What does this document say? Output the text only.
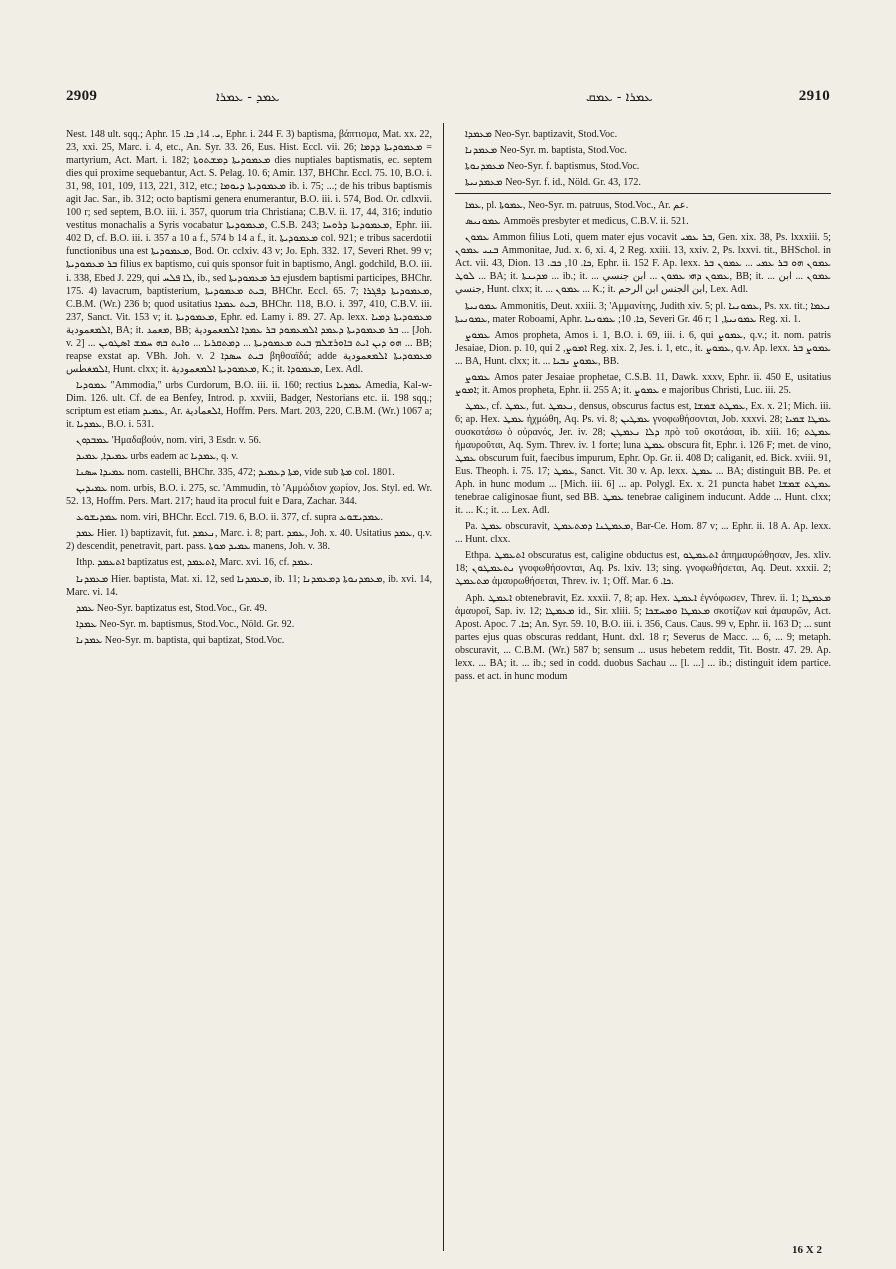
2909	ܥܡܕ - ܥܡܪܐ	ܥܡܪܐ - ܥܡܩ	2910

Nest. 148 ult. sqq.; Aphr. ܝ. 14, ܟܐ. 15, Ephr. i. 244 F. 3) baptisma, βάπτισμα, Mat. xx. 22, 23, xxi. 25, Marc. i. 4, etc., An. Syr. 33. 26, Eus. Hist. Eccl. vii. 26; ܡܥܡܘܕܝܬܐ ܕܕܡܐ = martyrium, Act. Mart. i. 182; ܡܥܡܘܕܝܬܐ ܕܡܫܬܘܬܐ dies nuptiales baptismatis, ec. septem dies qui proxime sequebantur, Act. S. Pelag. 10. 6; Amir. 137, BHChr. Eccl. 75. 10, B.O. i. 31, 98, 101, 109, 113, 221, 312, etc.; ܡܥܡܘܕܝܬܐ ܕܝܘܡܐ ib. i. 75; ...; de his tribus baptismis agit Jac. Sar., ib. 312; octo baptismi genera enumerantur, B.O. iii. i. 574, Bod. Or. cdlxvii. 100 r; sed septem, B.O. iii. i. 357, quorum tria Christiana; C.B.V. ii. 17, 44, 316; indutio vestitus monachalis a Syris vocabatur ܡܥܡܘܕܝܬܐ, C.S.B. 243; ܡܥܡܘܕܝܬܐ ܕܪܘܚܐ, Ephr. iii. 402 D, cf. B.O. iii. i. 357 a 10 a f., 574 b 14 a f., it. ܡܥܡܘܕܝܬܐ col. 921; e tribus sacerdotii functionibus una est ܡܥܡܘܕܝܬܐ, Bod. Or. cclxiv. 43 v; Jo. Eph. 332. 17, Severi Rhet. 99 v; ܒܪ ܡܥܡܘܕܝܬܐ filius ex baptismo, cui quis sponsor fuit in baptismo, Angl. godchild, B.O. iii. i. 338, Ebed J. 229, qui ܠܐ ܦܠܚ, ib., sed ܒܪ ܡܥܡܘܕܝܬܐ ejusdem baptismi participes, BHChr. 175. 4) lavacrum, baptisterium, ܒܝܬ ܡܥܡܘܕܝܬܐ, BHChr. Eccl. 65. 7; ܡܥܡܘܕܝܬܐ ܕܦܓܪܐ, C.B.M. (Wr.) 236 b; quod usitatius ܒܝܬ ܥܡܕܐ, BHChr. 118, B.O. i. 397, 410, C.B.V. iii. 237, Sanct. Vit. 153 v; it. ܡܥܡܘܕܝܬܐ, Ephr. ed. Lamy i. 89. 27. Ap. lexx. ܡܥܡܘܕܝܬܐ ܕܡܝܐ ܐܠܡعمودية, BA; it. ܡعمد, BB; ܒܪ ܡܥܡܘܕܝܬܐ ܕܥܡܕ ܐܠܡܥܡܘܕ ܒܪ ܥܡܕܐ ܐܠܡعمودية ... [Joh. v. 2] ... ܗܘ ܕܝܢ ܐܝܬ ܒܐܘܪܫܠܡ ܒܝܬ ܡܥܡܘܕܝܬܐ ... ܕܡܬܩܪܝܐ ... ܘܐܝܬ ܒܗ ܚܡܫ ܐܣܛܘܝܢ ... BB; reapse exstat ap. VBh. Joh. v. 2 ܒܝܬ ܚܣܕܐ βηθσαϊδά; adde ܡܥܡܘܕܝܬܐ ܐܠܡعمودية ܐܠܡغطس, Hunt. clxx; it. ܡܥܡܘܕܝܬܐ ܐܠܡعمودية, K.; it. ܡܥܡܘܕܐ, Lex. Adl.

ܥܡܘܕܝܐ "Ammodia," urbs Curdorum, B.O. iii. ii. 160; rectius ܥܡܕܝܐ Amedia, Kal-w-Dim. 126. ult. Cf. de ea Benfey, Introd. p. xxviii, Badger, Nestorians etc. ii. 198 sqq.; scriptum est etiam ܥܡܝܕ, Ar. ܐܠعمادية, Hoffm. Pers. Mart. 203, 220, C.B.M. (Wr.) 1067 a; it. ܥܡܕܝܐ, B.O. i. 531.

ܥܡܒܕܘܢ 'Ημαδαβούν, nom. viri, 3 Esdr. v. 56.

ܥܡܝܕܐ, ܥܡܝܕ urbs eadem ac ܥܡܕܝܐ, q. v.

ܥܡܝܕܐ ܚܣܢܐ nom. castelli, BHChr. 335, 472; ܡܬܐ ܕܥܡܝܕ, vide sub ܡܬܐ col. 1801.

ܥܡܝܕܝܢ nom. urbis, B.O. i. 275, sc. 'Ammudin, τὸ 'Αμμώδιον χωρίον, Jos. Styl. ed. Wr. 52. 13, Hoffm. Pers. Mart. 217; haud ita procul fuit e Dara, Zachar. 344.

ܥܡܕܝܫܘܥ nom. viri, BHChr. Eccl. 719. 6, B.O. ii. 377, cf. supra ܥܡܕܝܫܘܥ.

ܥܡܕ Hier. 1) baptizavit, fut. ܢܥܡܕ, Marc. i. 8; part. ܥܡܕ, Joh. x. 40. Usitatius ܥܡܕ, q.v. 2) descendit, penetravit, part. pass. ܥܡܝܕ ܡܘܬܐ manens, Joh. v. 38.

Ithp. ܐܬܥܡܕ baptizatus est, ܐܬܥܡܕ, Marc. xvi. 16, cf. ܥܡܕ.

ܡܥܡܕܢܐ Hier. baptista, Mat. xi. 12, sed ܡܥܡܕܢܐ, ib. 11; ܡܥܡܕܢܘܬܐ ܕܡܥܡܕܢܐ, ib. xvi. 14, Marc. vi. 14.

ܥܡܕ Neo-Syr. baptizatus est, Stod.Voc., Gr. 49.

ܥܡܕܐ Neo-Syr. m. baptismus, Stod.Voc., Nöld. Gr. 92.

ܥܡܕܢܐ Neo-Syr. m. baptista, qui baptizat, Stod.Voc.

ܡܥܡܕܐ Neo-Syr. baptizavit, Stod.Voc.

ܡܥܡܕܢܐ Neo-Syr. m. baptista, Stod.Voc.

ܡܥܡܕܢܘܬܐ Neo-Syr. f. baptismus, Stod.Voc.

ܡܥܡܕܢܝܬܐ Neo-Syr. f. id., Nöld. Gr. 43, 172.

ܥܡܐ, pl. ܥܡܘܬܐ, Neo-Syr. m. patruus, Stod.Voc., Ar. عم.

ܥܡܘܢܝܣ Ammoës presbyter et medicus, C.B.V. ii. 521.

ܥܡܘܢ Ammon filius Loti, quem mater ejus vocavit ܒܪ ܥܡܝ, Gen. xix. 38, Ps. lxxxiii. 5; ܒܢܝ ܥܡܘܢ Ammonitae, Jud. x. 6, xi. 4, 2 Reg. xxiii. 13, xxiv. 2, Ps. lxxvi. tit., BHSchol. in Act. vii. 43, Dion. ܟܐ. 10, ܟܒ. 13, Ephr. ii. 152 F. Ap. lexx. ܥܡܘܢ ܗܘ ܒܪ ܥܡܝ ... ܥܡܘܢ ܒܪ ܠܘܛ ... BA; it. ܡܕܝܢܬܐ ... ib.; it. ... ܥܡܘܢ ܕܗܝ ܥܡܘܢ ... ابن جنسي, BB; it. ... ܥܡܘܢ ... ابن جنسي, Hunt. clxx; it. ... ܥܡܘܢ ... K.; it. ابن الجنس ابن الرحم, Lex. Adl.

ܥܡܘܢܝܬܐ Ammonitis, Deut. xxiii. 3; 'Αμμανίτης, Judith xiv. 5; pl. ܥܡܘܢܝܐ, Ps. xx. tit.; ܢܥܡܐ ܥܡܘܢܝܬܐ, mater Roboami, Aphr. ܟܐ. 10; ܥܡܘܢܝܐ, Severi Gr. 46 r; ܥܡܘܢܝܬܐ, 1 Reg. xi. 1.

ܥܡܘܨ Amos propheta, Amos i. 1, B.O. i. 69, iii. i. 6, qui ܥܡܘܨ, q.v.; it. nom. patris Jesaiae, Dion. p. 10, qui ܐܡܘܨ, 2 Reg. xix. 2, Jes. i. 1, etc., it. ܥܡܘܨ, q.v. Ap. lexx. ܥܡܘܨ ܒܪ ... BA, Hunt. clxx; it. ... ܥܡܘܨ ܢܒܝܐ, BB.

ܥܡܘܨ Amos pater Jesaiae prophetae, C.S.B. 11, Dawk. xxxv, Ephr. ii. 450 E, usitatius ܐܡܘܨ; it. Amos propheta, Ephr. ii. 255 A; it. ܥܡܘܨ e majoribus Christi, Luc. iii. 25.

ܥܡܛ, cf. ܥܡܛ, fut. ܢܥܡܛ, densus, obscurus factus est, ܥܡܛܬ ܫܡܫܐ, Ex. x. 21; Mich. iii. 6; ap. Hex. ܥܡܛ ἠχμώθη, Aq. Ps. vi. 8; ܥܡܛܝܢ γνοφωθήσονται, Job. xxxvi. 28; ܥܡܛܐ ܫܡܝܐ συσκοτάσω ὁ οὐρανός, Jer. iv. 28; ܕܠܐ ܢܥܡܛܢ πρὸ τοῦ σκοτάσαι, ib. xiii. 16; ܥܡܛܬ ἠμαυροῦται, Aq. Sym. Threv. iv. 1 forte; luna ܥܡܛ obscura fit, Ephr. i. 126 F; met. de vino, ܥܡܛ obscurum fuit, faecibus impurum, Ephr. Op. Gr. ii. 408 D; caliganit, ed. Bick. xviii. 91, Eus. Theoph. i. 75. 17; ܥܡܛ, Sanct. Vit. 30 v. Ap. lexx. ܥܡܛ ... BA; distinguit BB. Pe. et Aph. in hunc modum ... [Mich. iii. 6] ... ap. Polygl. Ex. x. 21 puncta habet ܥܡܛܬ ܫܡܫܐ tenebrae caliginosae fiunt, sed BB. ܥܡܛ tenebrae caliginem inducunt. Adde ... Hunt. clxx; it. ... K.; it. ... Lex. Adl.

Pa. ܥܡܛ obscuravit, ܡܥܡܛܢܐ ܕܡܬܥܡܛ, Bar-Ce. Hom. 87 v; ... Ephr. ii. 18 A. Ap. lexx. ... Hunt. clxx.

Ethpa. ܐܬܥܡܛ obscuratus est, caligine obductus est, ܐܬܥܡܛܘ ἀπημαυρώθησαν, Jes. xliv. 18; ܢܬܥܡܛܘܢ γνοφωθήσονται, Aq. Ps. lxiv. 13; sing. γνοφωθήσεται, Aq. Deut. xxxii. 2; ܡܬܥܡܛ ἀμαυρωθήσεται, Threv. iv. 1; Off. Mar. ܟܐ. 6.

Aph. ܐܥܡܛ obtenebravit, Ez. xxxii. 7, 8; ap. Hex. ܐܥܡܛ ἐγνόφωσεν, Threv. ii. 1; ܡܥܡܛܐ ἀμαυροῖ, Sap. iv. 12; ܡܥܡܛܐ id., Sir. xliii. 5; ܡܥܡܛܐ ܘܡܚܫܟܐ σκοτίζων καὶ ἀμαυρῶν, Act. Apost. Apoc. ܟܐ. 7; An. Syr. 59. 10, B.O. iii. i. 356, Caus. Caus. 99 v, Ephr. ii. 163 D; ... sunt partes ejus quas obscuras reddant, Hunt. dxl. 18 r; Severus de Macc. ... 6, ... 9; metaph. obscuravit, ... C.B.M. (Wr.) 587 b; sensum ... usus hebetem reddit, Tit. Bostr. 47. 29. Ap. lexx. ... BA; it. ... ib.; sed in codd. duobus Sachau ... [l. ...] ... ib.; distinguit idem partice. pass. et act. in hunc modum

16 X 2
